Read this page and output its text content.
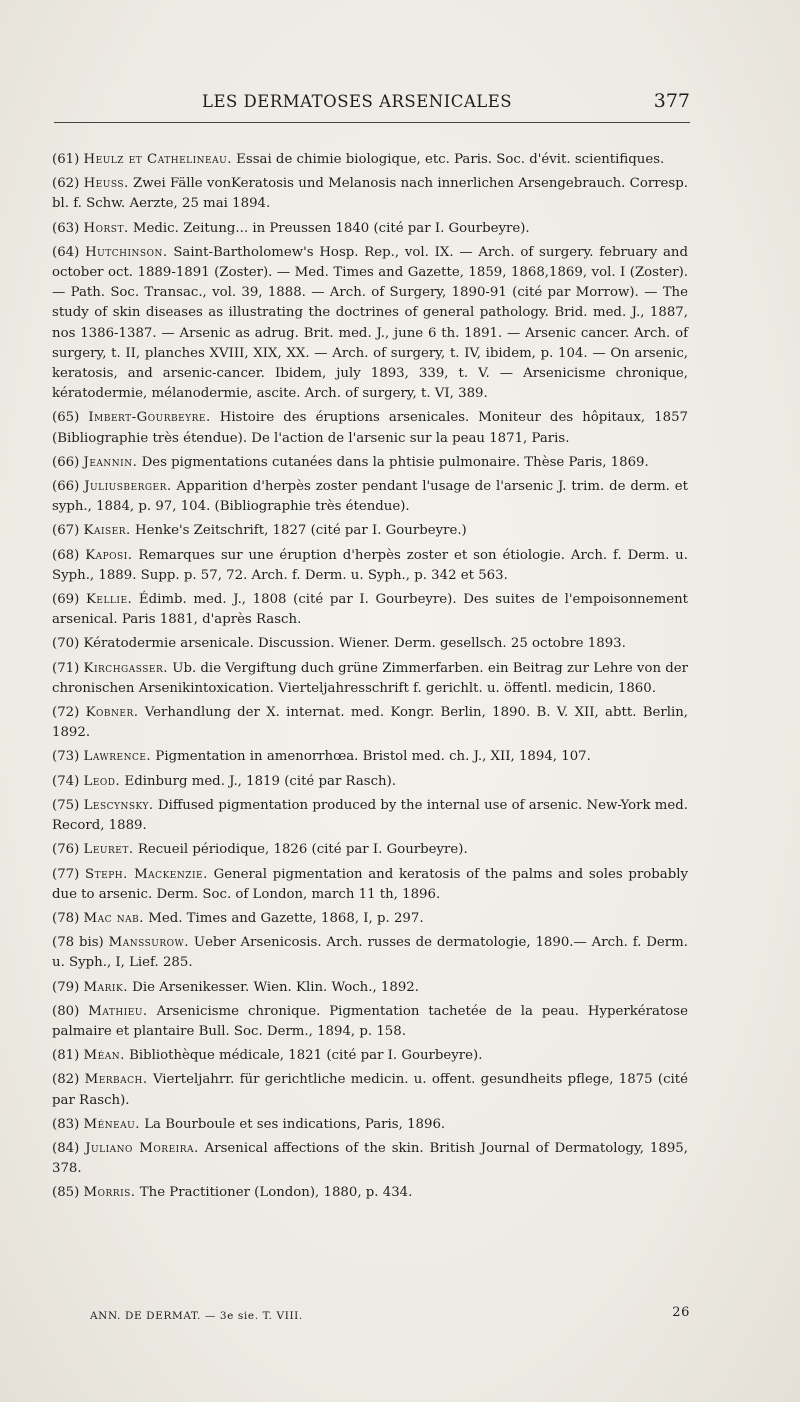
LES DERMATOSES ARSENICALES	377

(61) Heulz et Cathelineau. Essai de chimie biologique, etc. Paris. Soc. d'évit. scientifiques.

(62) Heuss. Zwei Fälle vonKeratosis und Melanosis nach innerlichen Arsengebrauch. Corresp. bl. f. Schw. Aerzte, 25 mai 1894.

(63) Horst. Medic. Zeitung... in Preussen 1840 (cité par I. Gourbeyre).

(64) Hutchinson. Saint-Bartholomew's Hosp. Rep., vol. IX. — Arch. of surgery. february and october oct. 1889-1891 (Zoster). — Med. Times and Gazette, 1859, 1868,1869, vol. I (Zoster). — Path. Soc. Transac., vol. 39, 1888. — Arch. of Surgery, 1890-91 (cité par Morrow). — The study of skin diseases as illustrating the doctrines of general pathology. Brid. med. J., 1887, nos 1386-1387. — Arsenic as adrug. Brit. med. J., june 6 th. 1891. — Arsenic cancer. Arch. of surgery, t. II, planches XVIII, XIX, XX. — Arch. of surgery, t. IV, ibidem, p. 104. — On arsenic, keratosis, and arsenic-cancer. Ibidem, july 1893, 339, t. V. — Arsenicisme chronique, kératodermie, mélanodermie, ascite. Arch. of surgery, t. VI, 389.

(65) Imbert-Gourbeyre. Histoire des éruptions arsenicales. Moniteur des hôpitaux, 1857 (Bibliographie très étendue). De l'action de l'arsenic sur la peau 1871, Paris.

(66) Jeannin. Des pigmentations cutanées dans la phtisie pulmonaire. Thèse Paris, 1869.

(66) Juliusberger. Apparition d'herpès zoster pendant l'usage de l'arsenic J. trim. de derm. et syph., 1884, p. 97, 104. (Bibliographie très étendue).

(67) Kaiser. Henke's Zeitschrift, 1827 (cité par I. Gourbeyre.)

(68) Kaposi. Remarques sur une éruption d'herpès zoster et son étiologie. Arch. f. Derm. u. Syph., 1889. Supp. p. 57, 72. Arch. f. Derm. u. Syph., p. 342 et 563.

(69) Kellie. Édimb. med. J., 1808 (cité par I. Gourbeyre). Des suites de l'empoisonnement arsenical. Paris 1881, d'après Rasch.

(70) Kératodermie arsenicale. Discussion. Wiener. Derm. gesellsch. 25 octobre 1893.

(71) Kirchgasser. Ub. die Vergiftung duch grüne Zimmerfarben. ein Beitrag zur Lehre von der chronischen Arsenikintoxication. Vierteljahresschrift f. gerichlt. u. öffentl. medicin, 1860.

(72) Kobner. Verhandlung der X. internat. med. Kongr. Berlin, 1890. B. V. XII, abtt. Berlin, 1892.

(73) Lawrence. Pigmentation in amenorrhœa. Bristol med. ch. J., XII, 1894, 107.

(74) Leod. Edinburg med. J., 1819 (cité par Rasch).

(75) Lescynsky. Diffused pigmentation produced by the internal use of arsenic. New-York med. Record, 1889.

(76) Leuret. Recueil périodique, 1826 (cité par I. Gourbeyre).

(77) Steph. Mackenzie. General pigmentation and keratosis of the palms and soles probably due to arsenic. Derm. Soc. of London, march 11 th, 1896.

(78) Mac nab. Med. Times and Gazette, 1868, I, p. 297.

(78 bis) Manssurow. Ueber Arsenicosis. Arch. russes de dermatologie, 1890.— Arch. f. Derm. u. Syph., I, Lief. 285.

(79) Marik. Die Arsenikesser. Wien. Klin. Woch., 1892.

(80) Mathieu. Arsenicisme chronique. Pigmentation tachetée de la peau. Hyperkératose palmaire et plantaire Bull. Soc. Derm., 1894, p. 158.

(81) Méan. Bibliothèque médicale, 1821 (cité par I. Gourbeyre).

(82) Merbach. Vierteljahrr. für gerichtliche medicin. u. offent. gesundheits pflege, 1875 (cité par Rasch).

(83) Méneau. La Bourboule et ses indications, Paris, 1896.

(84) Juliano Moreira. Arsenical affections of the skin. British Journal of Dermatology, 1895, 378.

(85) Morris. The Practitioner (London), 1880, p. 434.

ANN. DE DERMAT. — 3e sie. T. VIII.	26
